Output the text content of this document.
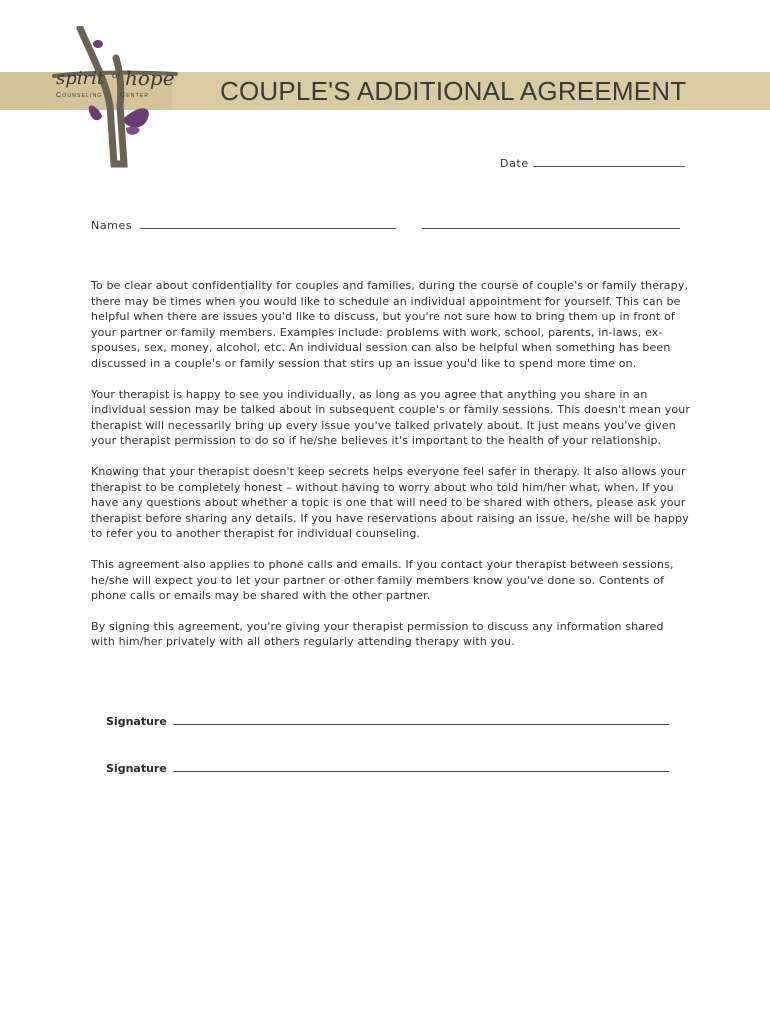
COUPLE'S ADDITIONAL AGREEMENT
spirit of hope
Counseling Center
Date
Names

To be clear about confidentiality for couples and families, during the course of couple's or family therapy, there may be times when you would like to schedule an individual appointment for yourself. This can be helpful when there are issues you'd like to discuss, but you're not sure how to bring them up in front of your partner or family members. Examples include: problems with work, school, parents, in-laws, ex-spouses, sex, money, alcohol, etc. An individual session can also be helpful when something has been discussed in a couple's or family session that stirs up an issue you'd like to spend more time on.

Your therapist is happy to see you individually, as long as you agree that anything you share in an individual session may be talked about in subsequent couple's or family sessions. This doesn't mean your therapist will necessarily bring up every issue you've talked privately about. It just means you've given your therapist permission to do so if he/she believes it's important to the health of your relationship.

Knowing that your therapist doesn't keep secrets helps everyone feel safer in therapy. It also allows your therapist to be completely honest – without having to worry about who told him/her what, when. If you have any questions about whether a topic is one that will need to be shared with others, please ask your therapist before sharing any details. If you have reservations about raising an issue, he/she will be happy to refer you to another therapist for individual counseling.

This agreement also applies to phone calls and emails. If you contact your therapist between sessions, he/she will expect you to let your partner or other family members know you've done so. Contents of phone calls or emails may be shared with the other partner.

By signing this agreement, you're giving your therapist permission to discuss any information shared with him/her privately with all others regularly attending therapy with you.

Signature
Signature
